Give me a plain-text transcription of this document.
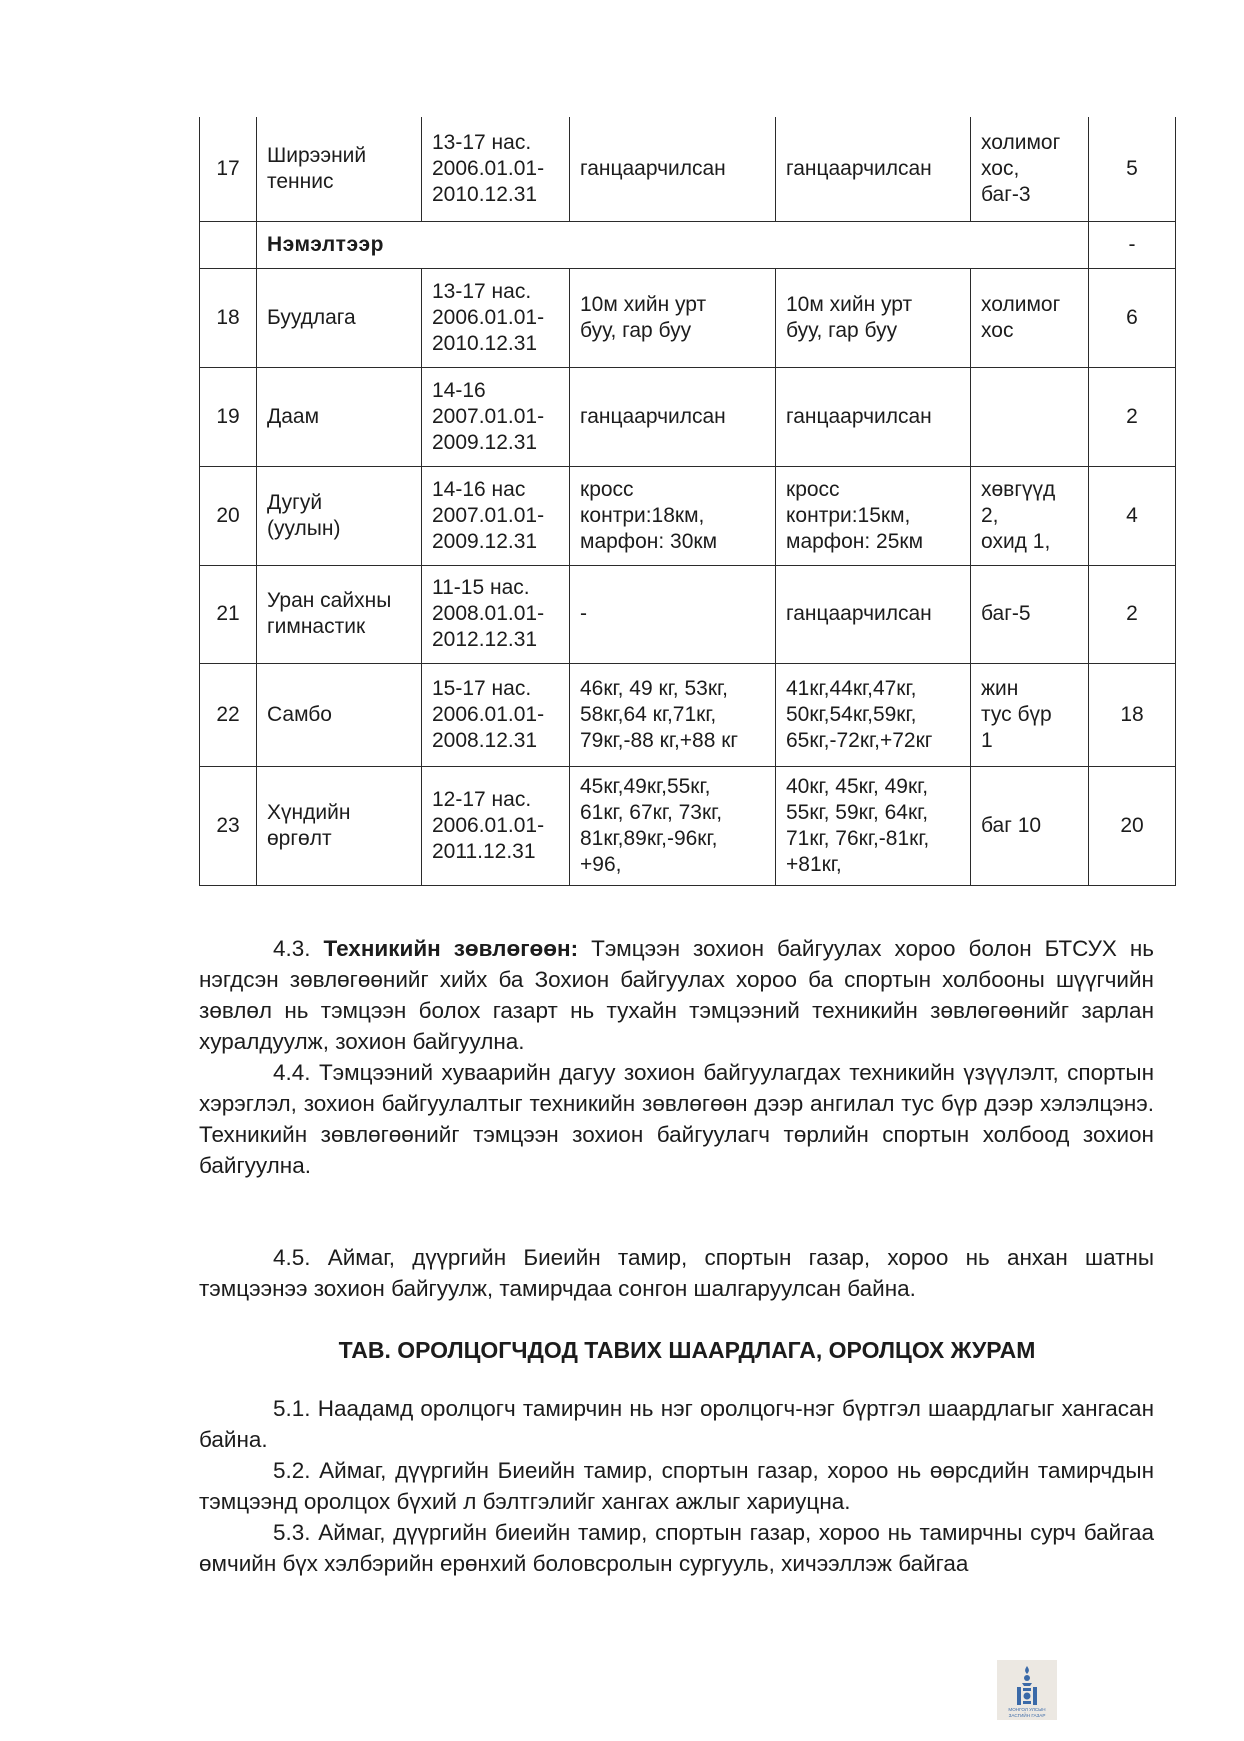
17	Ширээний
теннис	13-17 нас.
2006.01.01-
2010.12.31	ганцаарчилсан	ганцаарчилсан	холимог
хос,
баг-3	5
	Нэмэлтээр					-
18	Буудлага	13-17 нас.
2006.01.01-
2010.12.31	10м хийн урт
буу, гар буу	10м хийн урт
буу, гар буу	холимог
хос	6
19	Даам	14-16
2007.01.01-
2009.12.31	ганцаарчилсан	ганцаарчилсан		2
20	Дугуй
(уулын)	14-16 нас
2007.01.01-
2009.12.31	кросс
контри:18км,
марфон: 30км	кросс
контри:15км,
марфон: 25км	хөвгүүд
2,
охид 1,	4
21	Уран сайхны
гимнастик	11-15 нас.
2008.01.01-
2012.12.31	-	ганцаарчилсан	баг-5	2
22	Самбо	15-17 нас.
2006.01.01-
2008.12.31	46кг, 49 кг, 53кг,
58кг,64 кг,71кг,
79кг,-88 кг,+88 кг	41кг,44кг,47кг,
50кг,54кг,59кг,
65кг,-72кг,+72кг	жин
тус бүр
1	18
23	Хүндийн
өргөлт	12-17 нас.
2006.01.01-
2011.12.31	45кг,49кг,55кг,
61кг, 67кг, 73кг,
81кг,89кг,-96кг,
+96,	40кг, 45кг, 49кг,
55кг, 59кг, 64кг,
71кг, 76кг,-81кг,
+81кг,	баг 10	20

4.3. Техникийн зөвлөгөөн: Тэмцээн зохион байгуулах хороо болон БТСУХ нь нэгдсэн зөвлөгөөнийг хийх ба Зохион байгуулах хороо ба спортын холбооны шүүгчийн зөвлөл нь тэмцээн болох газарт нь тухайн тэмцээний техникийн зөвлөгөөнийг зарлан хуралдуулж, зохион байгуулна.

4.4. Тэмцээний хуваарийн дагуу зохион байгуулагдах техникийн үзүүлэлт, спортын хэрэглэл, зохион байгуулалтыг техникийн зөвлөгөөн дээр ангилал тус бүр дээр хэлэлцэнэ. Техникийн зөвлөгөөнийг тэмцээн зохион байгуулагч төрлийн спортын холбоод зохион байгуулна.

4.5. Аймаг, дүүргийн Биеийн тамир, спортын газар, хороо нь анхан шатны тэмцээнээ зохион байгуулж, тамирчдаа сонгон шалгаруулсан байна.

ТАВ. ОРОЛЦОГЧДОД ТАВИХ ШААРДЛАГА, ОРОЛЦОХ ЖУРАМ

5.1. Наадамд оролцогч тамирчин нь нэг оролцогч-нэг бүртгэл шаардлагыг хангасан байна.

5.2. Аймаг, дүүргийн Биеийн тамир, спортын газар, хороо нь өөрсдийн тамирчдын тэмцээнд оролцох бүхий л бэлтгэлийг хангах ажлыг хариуцна.

5.3. Аймаг, дүүргийн биеийн тамир, спортын газар, хороо нь тамирчны сурч байгаа өмчийн бүх хэлбэрийн ерөнхий боловсролын сургууль, хичээллэж байгаа

МОНГОЛ УЛСЫН
ЗАСГИЙН ГАЗАР
